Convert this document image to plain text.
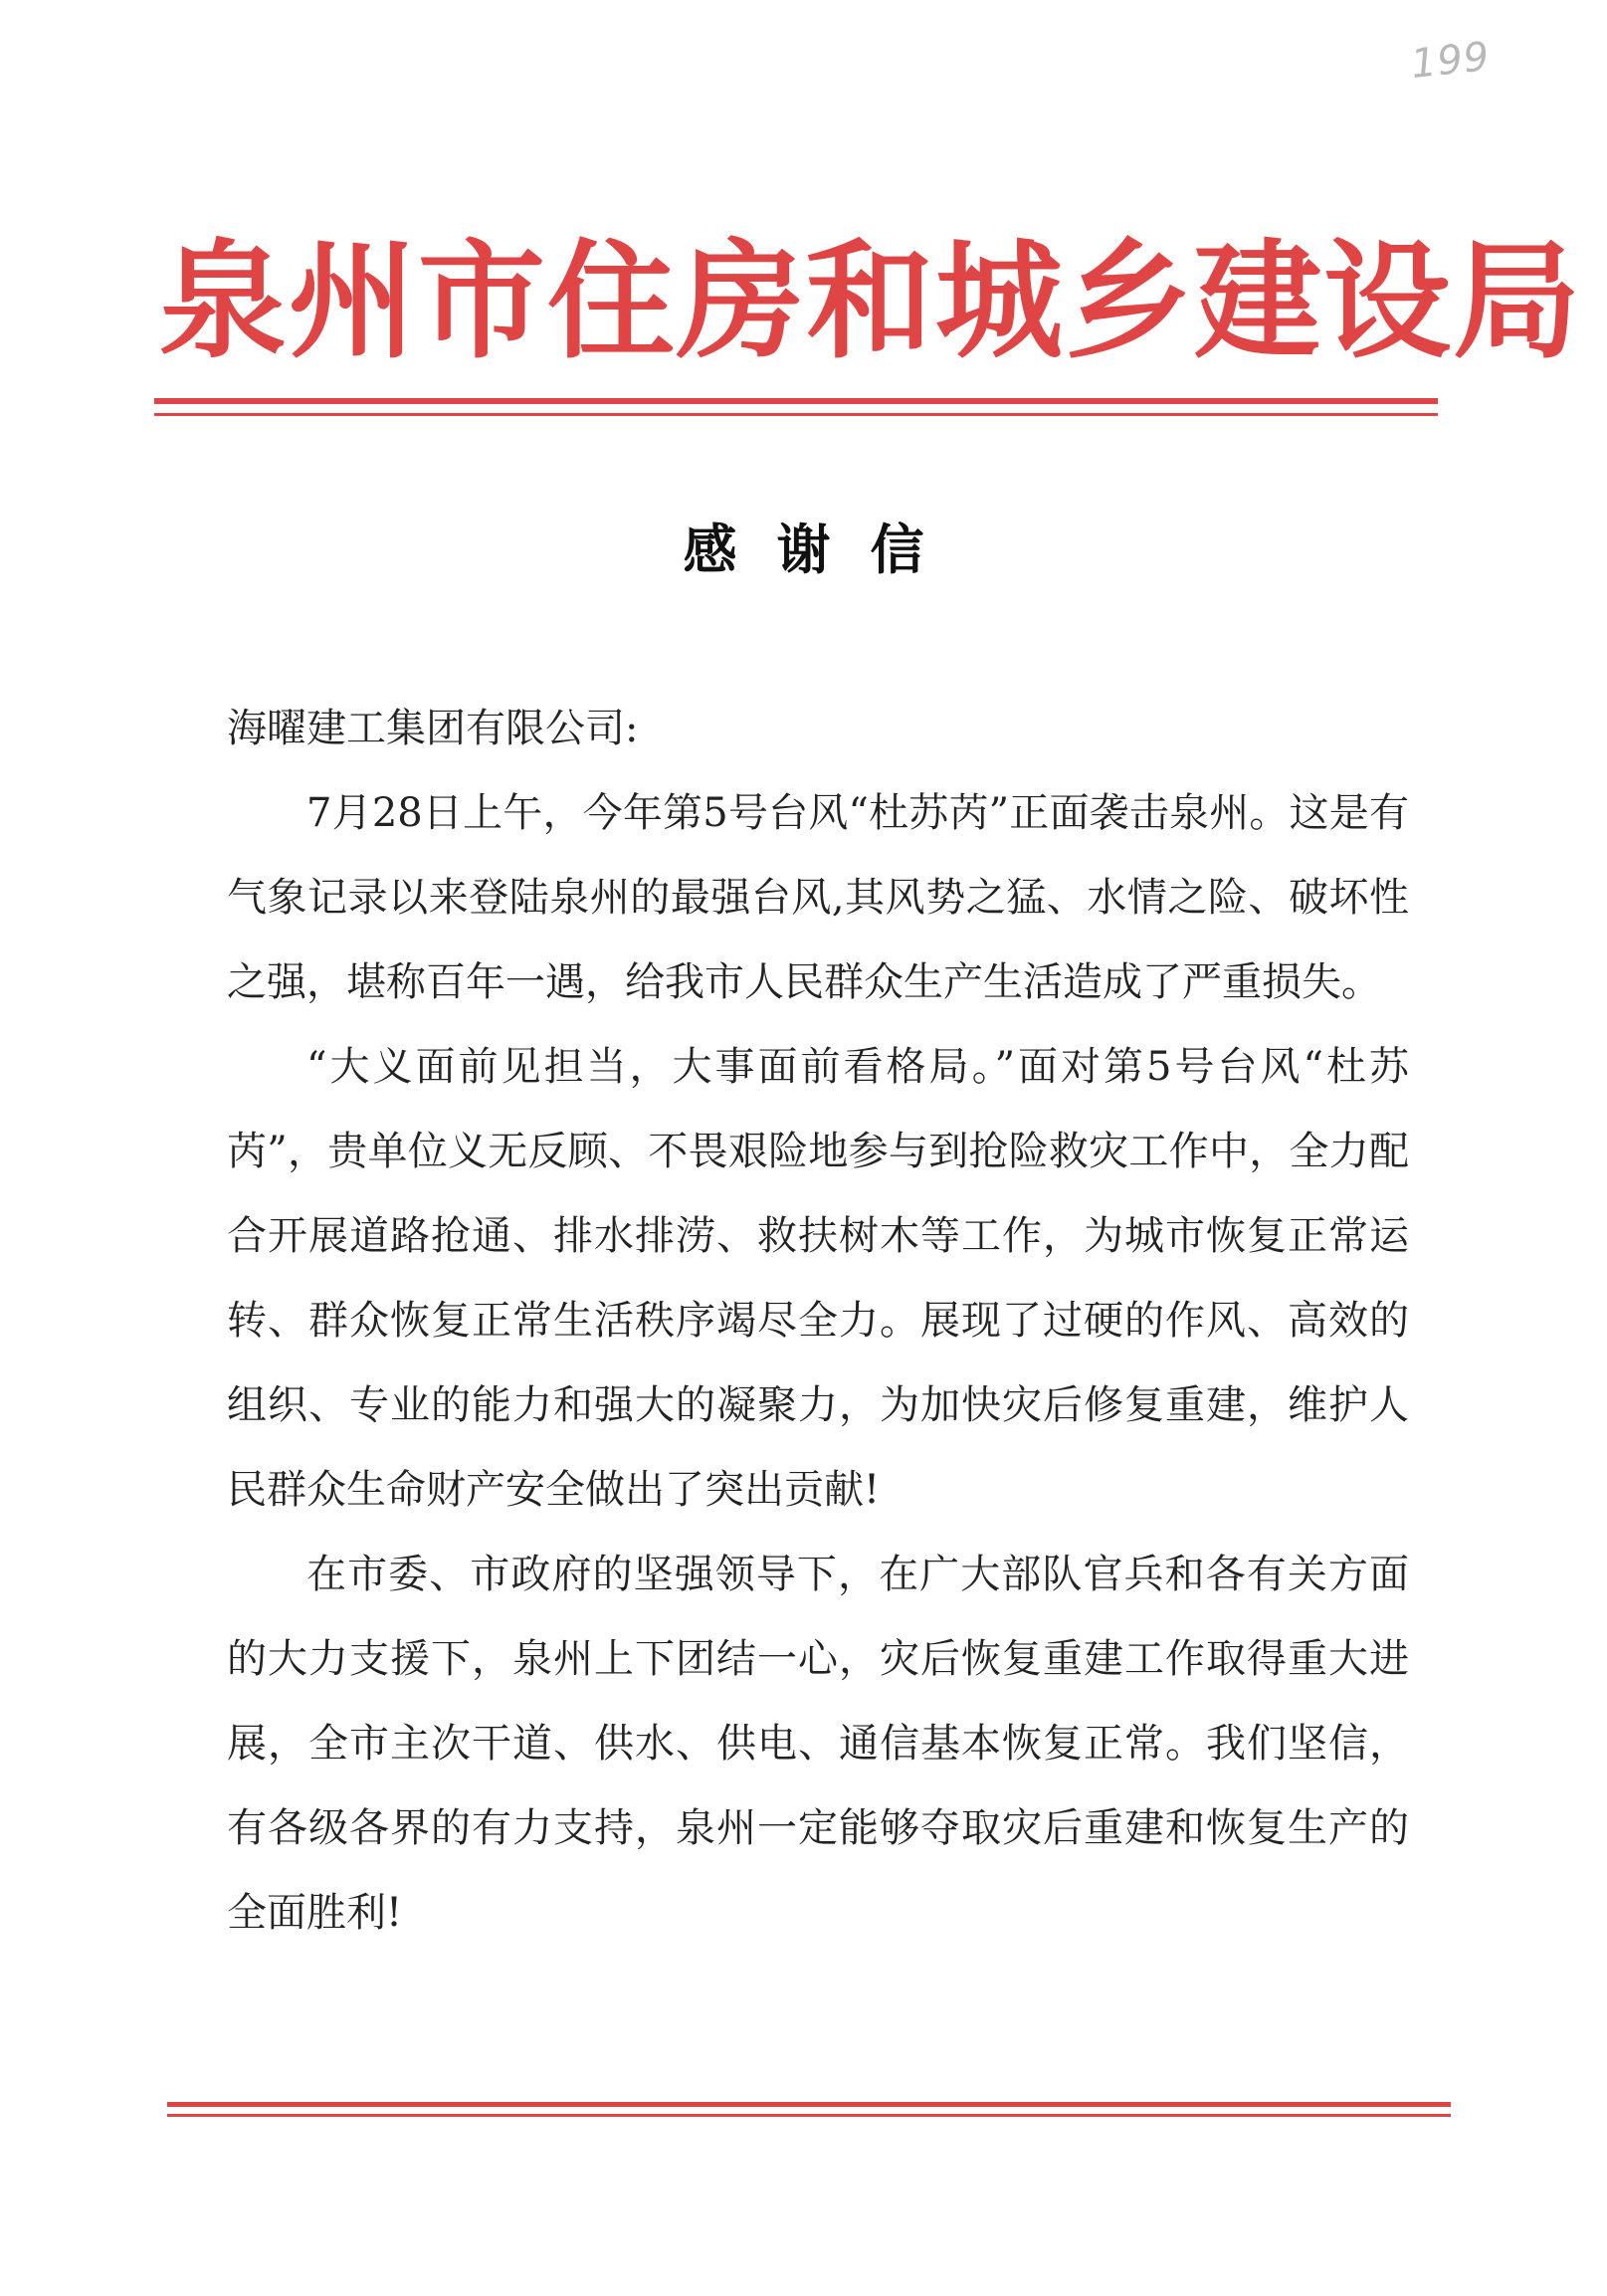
199
泉州市住房和城乡建设局
感谢信

海曜建工集团有限公司:

7月28日上午，今年第5号台风“杜苏芮”正面袭击泉州。这是有气象记录以来登陆泉州的最强台风,其风势之猛、水情之险、破坏性之强，堪称百年一遇，给我市人民群众生产生活造成了严重损失。

“大义面前见担当，大事面前看格局。”面对第5号台风“杜苏芮”，贵单位义无反顾、不畏艰险地参与到抢险救灾工作中，全力配合开展道路抢通、排水排涝、救扶树木等工作，为城市恢复正常运转、群众恢复正常生活秩序竭尽全力。展现了过硬的作风、高效的组织、专业的能力和强大的凝聚力，为加快灾后修复重建，维护人民群众生命财产安全做出了突出贡献!

在市委、市政府的坚强领导下，在广大部队官兵和各有关方面的大力支援下，泉州上下团结一心，灾后恢复重建工作取得重大进展，全市主次干道、供水、供电、通信基本恢复正常。我们坚信，有各级各界的有力支持，泉州一定能够夺取灾后重建和恢复生产的全面胜利!
